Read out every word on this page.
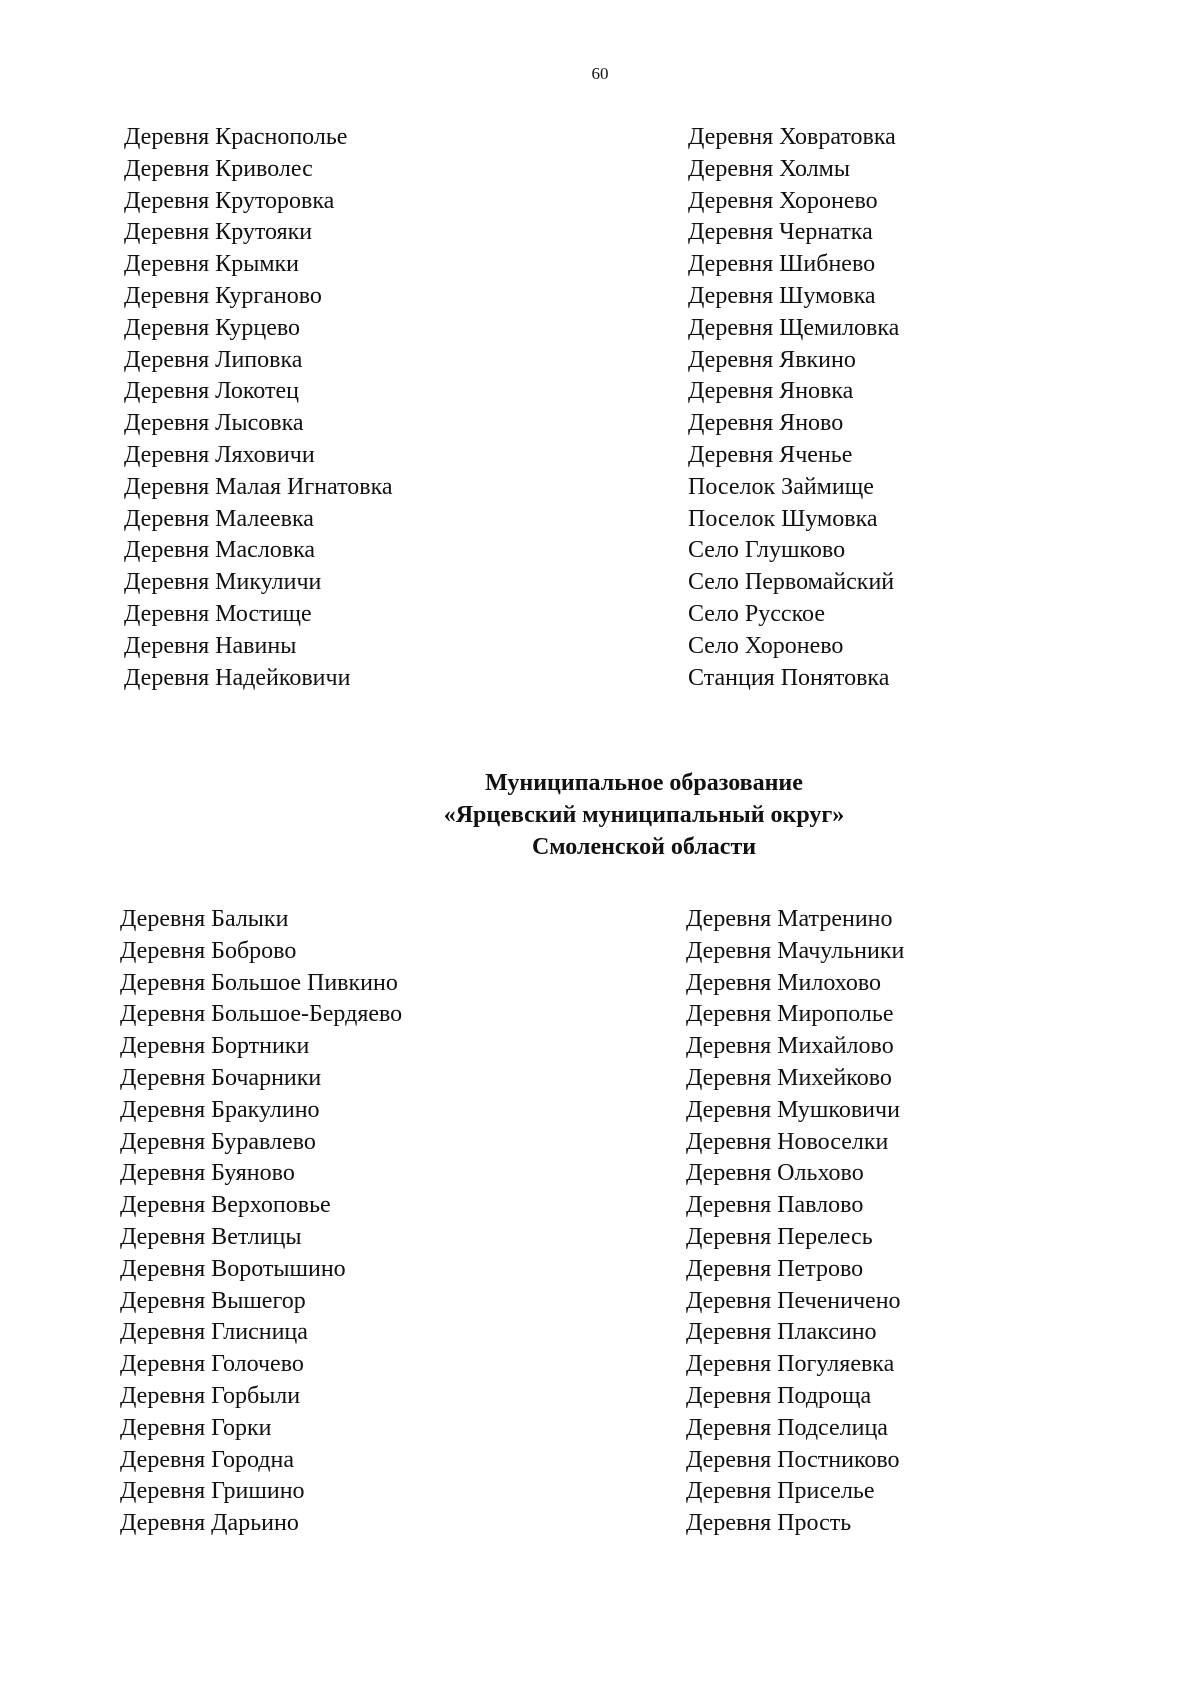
60
Деревня Краснополье
Деревня Криволес
Деревня Круторовка
Деревня Крутояки
Деревня Крымки
Деревня Курганово
Деревня Курцево
Деревня Липовка
Деревня Локотец
Деревня Лысовка
Деревня Ляховичи
Деревня Малая Игнатовка
Деревня Малеевка
Деревня Масловка
Деревня Микуличи
Деревня Мостище
Деревня Навины
Деревня Надейковичи
Деревня Ховратовка
Деревня Холмы
Деревня Хоронево
Деревня Чернатка
Деревня Шибнево
Деревня Шумовка
Деревня Щемиловка
Деревня Явкино
Деревня Яновка
Деревня Яново
Деревня Яченье
Поселок Займище
Поселок Шумовка
Село Глушково
Село Первомайский
Село Русское
Село Хоронево
Станция Понятовка
Муниципальное образование
«Ярцевский муниципальный округ»
Смоленской области
Деревня Балыки
Деревня Боброво
Деревня Большое Пивкино
Деревня Большое-Бердяево
Деревня Бортники
Деревня Бочарники
Деревня Бракулино
Деревня Буравлево
Деревня Буяново
Деревня Верхоповье
Деревня Ветлицы
Деревня Воротышино
Деревня Вышегор
Деревня Глисница
Деревня Голочево
Деревня Горбыли
Деревня Горки
Деревня Городна
Деревня Гришино
Деревня Дарьино
Деревня Матренино
Деревня Мачульники
Деревня Милохово
Деревня Мирополье
Деревня Михайлово
Деревня Михейково
Деревня Мушковичи
Деревня Новоселки
Деревня Ольхово
Деревня Павлово
Деревня Перелесь
Деревня Петрово
Деревня Печеничено
Деревня Плаксино
Деревня Погуляевка
Деревня Подроща
Деревня Подселица
Деревня Постниково
Деревня Приселье
Деревня Прость
